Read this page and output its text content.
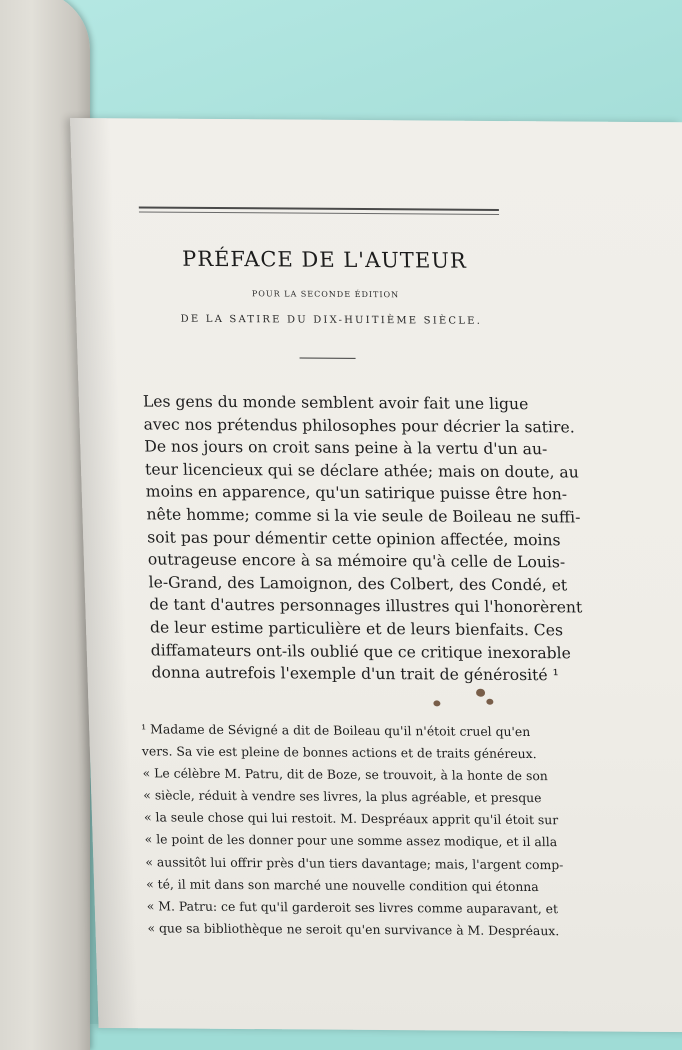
PRÉFACE DE L'AUTEUR
POUR LA SECONDE ÉDITION
DE LA SATIRE DU DIX-HUITIÈME SIÈCLE.
Les gens du monde semblent avoir fait une ligue
avec nos prétendus philosophes pour décrier la satire.
De nos jours on croit sans peine à la vertu d'un au-
teur licencieux qui se déclare athée; mais on doute, au
moins en apparence, qu'un satirique puisse être hon-
nête homme; comme si la vie seule de Boileau ne suffi-
soit pas pour démentir cette opinion affectée, moins
outrageuse encore à sa mémoire qu'à celle de Louis-
le-Grand, des Lamoignon, des Colbert, des Condé, et
de tant d'autres personnages illustres qui l'honorèrent
de leur estime particulière et de leurs bienfaits. Ces
diffamateurs ont-ils oublié que ce critique inexorable
donna autrefois l'exemple d'un trait de générosité ¹
¹ Madame de Sévigné a dit de Boileau qu'il n'étoit cruel qu'en
vers. Sa vie est pleine de bonnes actions et de traits généreux.
« Le célèbre M. Patru, dit de Boze, se trouvoit, à la honte de son
« siècle, réduit à vendre ses livres, la plus agréable, et presque
« la seule chose qui lui restoit. M. Despréaux apprit qu'il étoit sur
« le point de les donner pour une somme assez modique, et il alla
« aussitôt lui offrir près d'un tiers davantage; mais, l'argent comp-
« té, il mit dans son marché une nouvelle condition qui étonna
« M. Patru: ce fut qu'il garderoit ses livres comme auparavant, et
« que sa bibliothèque ne seroit qu'en survivance à M. Despréaux.
